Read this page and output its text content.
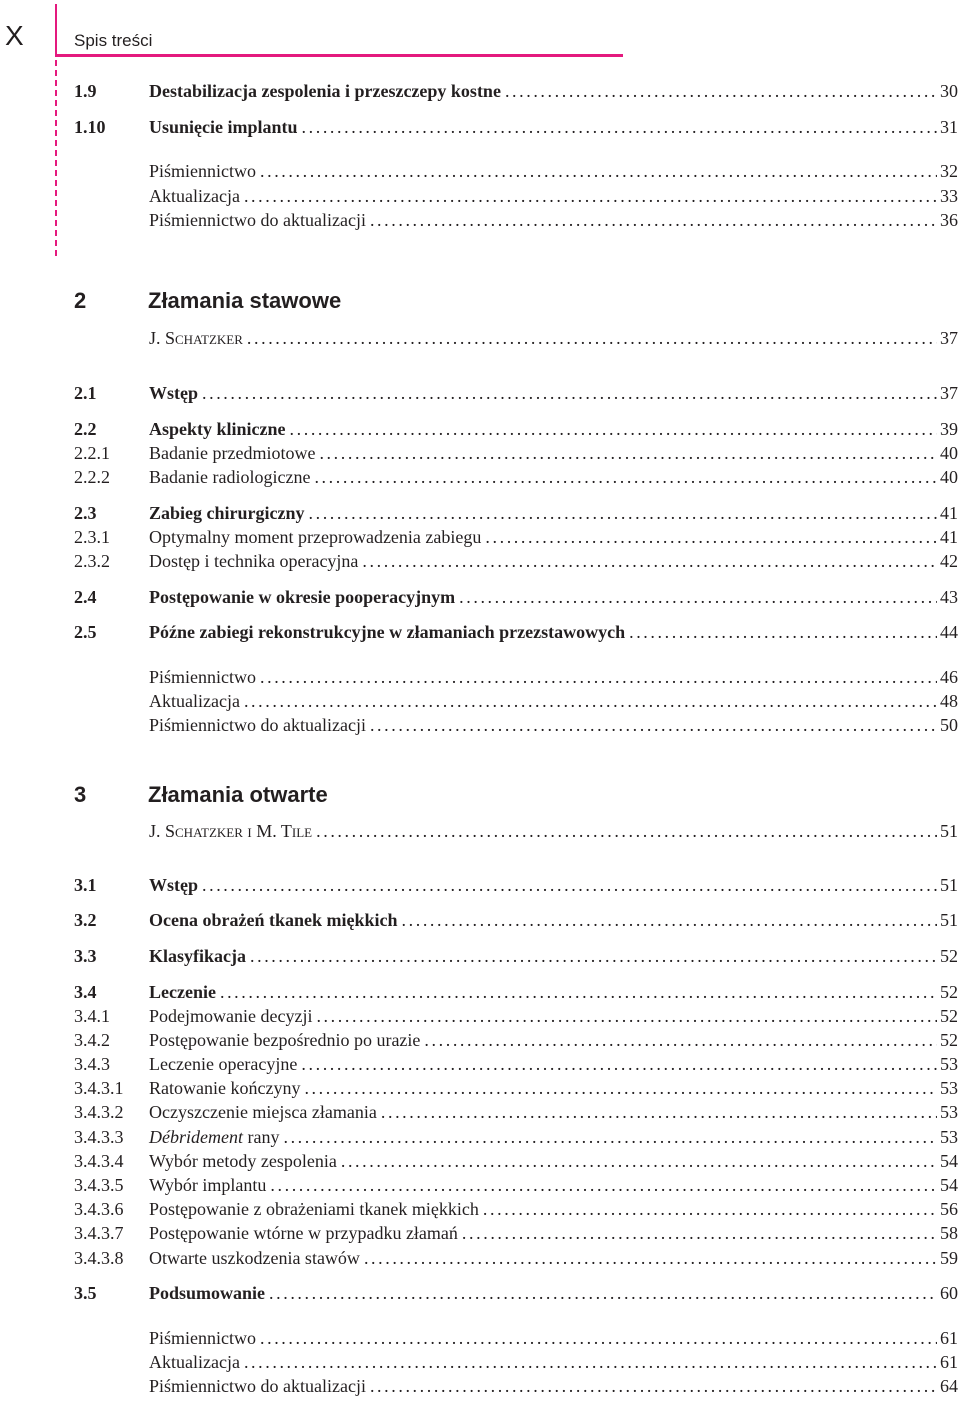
X	Spis treści
1.9	Destabilizacja zespolenia i przeszczepy kostne .....	30
1.10	Usunięcie implantu .....	31
Piśmiennictwo .....	32
Aktualizacja .....	33
Piśmiennictwo do aktualizacji .....	36
2	Złamania stawowe
J. Schatzker .....	37
2.1	Wstęp .....	37
2.2	Aspekty kliniczne .....	39
2.2.1	Badanie przedmiotowe .....	40
2.2.2	Badanie radiologiczne .....	40
2.3	Zabieg chirurgiczny .....	41
2.3.1	Optymalny moment przeprowadzenia zabiegu .....	41
2.3.2	Dostęp i technika operacyjna .....	42
2.4	Postępowanie w okresie pooperacyjnym .....	43
2.5	Późne zabiegi rekonstrukcyjne w złamaniach przezstawowych .....	44
Piśmiennictwo .....	46
Aktualizacja .....	48
Piśmiennictwo do aktualizacji .....	50
3	Złamania otwarte
J. Schatzker i M. Tile .....	51
3.1	Wstęp .....	51
3.2	Ocena obrażeń tkanek miękkich .....	51
3.3	Klasyfikacja .....	52
3.4	Leczenie .....	52
3.4.1	Podejmowanie decyzji .....	52
3.4.2	Postępowanie bezpośrednio po urazie .....	52
3.4.3	Leczenie operacyjne .....	53
3.4.3.1	Ratowanie kończyny .....	53
3.4.3.2	Oczyszczenie miejsca złamania .....	53
3.4.3.3	Débridement rany .....	53
3.4.3.4	Wybór metody zespolenia .....	54
3.4.3.5	Wybór implantu .....	54
3.4.3.6	Postępowanie z obrażeniami tkanek miękkich .....	56
3.4.3.7	Postępowanie wtórne w przypadku złamań .....	58
3.4.3.8	Otwarte uszkodzenia stawów .....	59
3.5	Podsumowanie .....	60
Piśmiennictwo .....	61
Aktualizacja .....	61
Piśmiennictwo do aktualizacji .....	64
